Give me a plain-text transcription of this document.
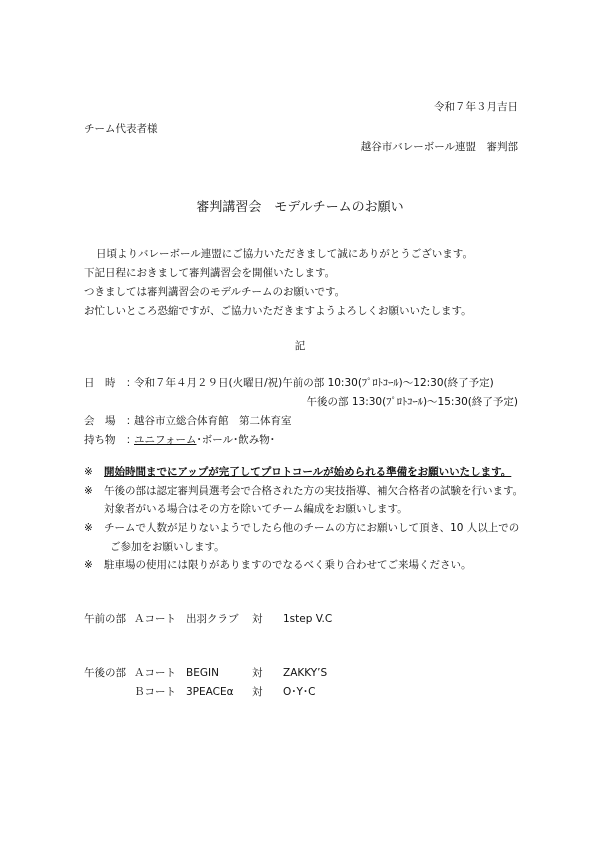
令和７年３月吉日
チーム代表者様
越谷市バレーボール連盟　審判部
審判講習会　モデルチームのお願い
日頃よりバレーボール連盟にご協力いただきまして誠にありがとうございます。
下記日程におきまして審判講習会を開催いたします。
つきましては審判講習会のモデルチームのお願いです。
お忙しいところ恐縮ですが、ご協力いただきますようよろしくお願いいたします。
記
日　時　：
令和７年４月２９日(火曜日/祝)午前の部 10:30(ﾌﾟﾛﾄｺｰﾙ)～12:30(終了予定)
午後の部 13:30(ﾌﾟﾛﾄｺｰﾙ)～15:30(終了予定)
会　場　：
越谷市立総合体育館　第二体育室
持ち物　：
ユニフォーム･ボール･飲み物･
※ 開始時間までにアップが完了してプロトコールが始められる準備をお願いいたします。
※ 午後の部は認定審判員選考会で合格された方の実技指導、補欠合格者の試験を行います。
対象者がいる場合はその方を除いてチーム編成をお願いします。
※ チームで人数が足りないようでしたら他のチームの方にお願いして頂き、10 人以上での
ご参加をお願いします。
※ 駐車場の使用には限りがありますのでなるべく乗り合わせてご来場ください。
午前の部 Ａコート 出羽クラブ 対 1step V.C
午後の部 Ａコート BEGIN	対 ZAKKY’S
Ｂコート 3PEACEα 対 O･Y･C
